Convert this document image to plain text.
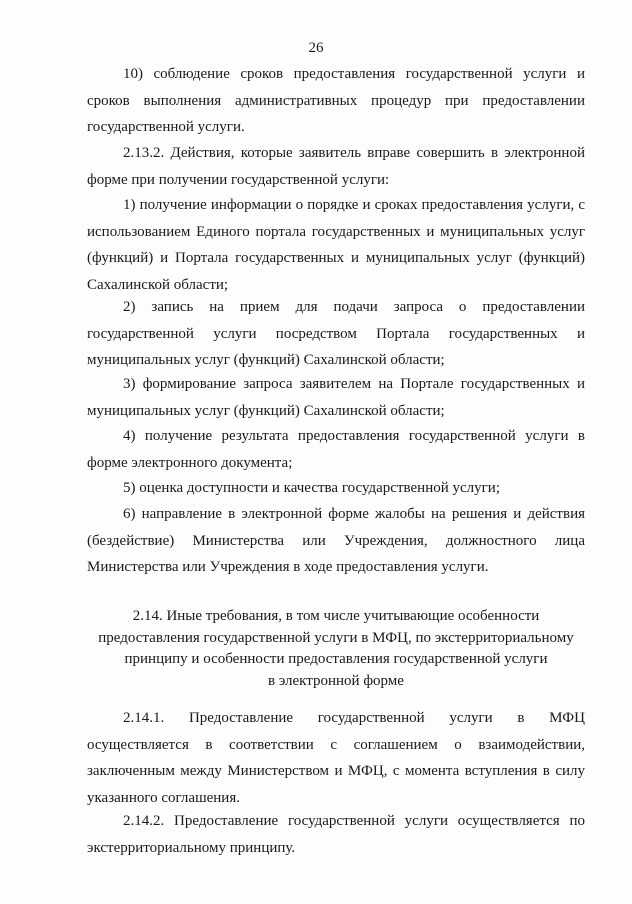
26

10) соблюдение сроков предоставления государственной услуги и сроков выполнения административных процедур при предоставлении государственной услуги.

2.13.2. Действия, которые заявитель вправе совершить в электронной форме при получении государственной услуги:

1) получение информации о порядке и сроках предоставления услуги, с использованием Единого портала государственных и муниципальных услуг (функций) и Портала государственных и муниципальных услуг (функций) Сахалинской области;

2) запись на прием для подачи запроса о предоставлении государственной услуги посредством Портала государственных и муниципальных услуг (функций) Сахалинской области;

3) формирование запроса заявителем на Портале государственных и муниципальных услуг (функций) Сахалинской области;

4) получение результата предоставления государственной услуги в форме электронного документа;

5) оценка доступности и качества государственной услуги;

6) направление в электронной форме жалобы на решения и действия (бездействие) Министерства или Учреждения, должностного лица Министерства или Учреждения в ходе предоставления услуги.

2.14. Иные требования, в том числе учитывающие особенности
предоставления государственной услуги в МФЦ, по экстерриториальному
принципу и особенности предоставления государственной услуги
в электронной форме

2.14.1. Предоставление государственной услуги в МФЦ осуществляется в соответствии с соглашением о взаимодействии, заключенным между Министерством и МФЦ, с момента вступления в силу указанного соглашения.

2.14.2. Предоставление государственной услуги осуществляется по экстерриториальному принципу.
